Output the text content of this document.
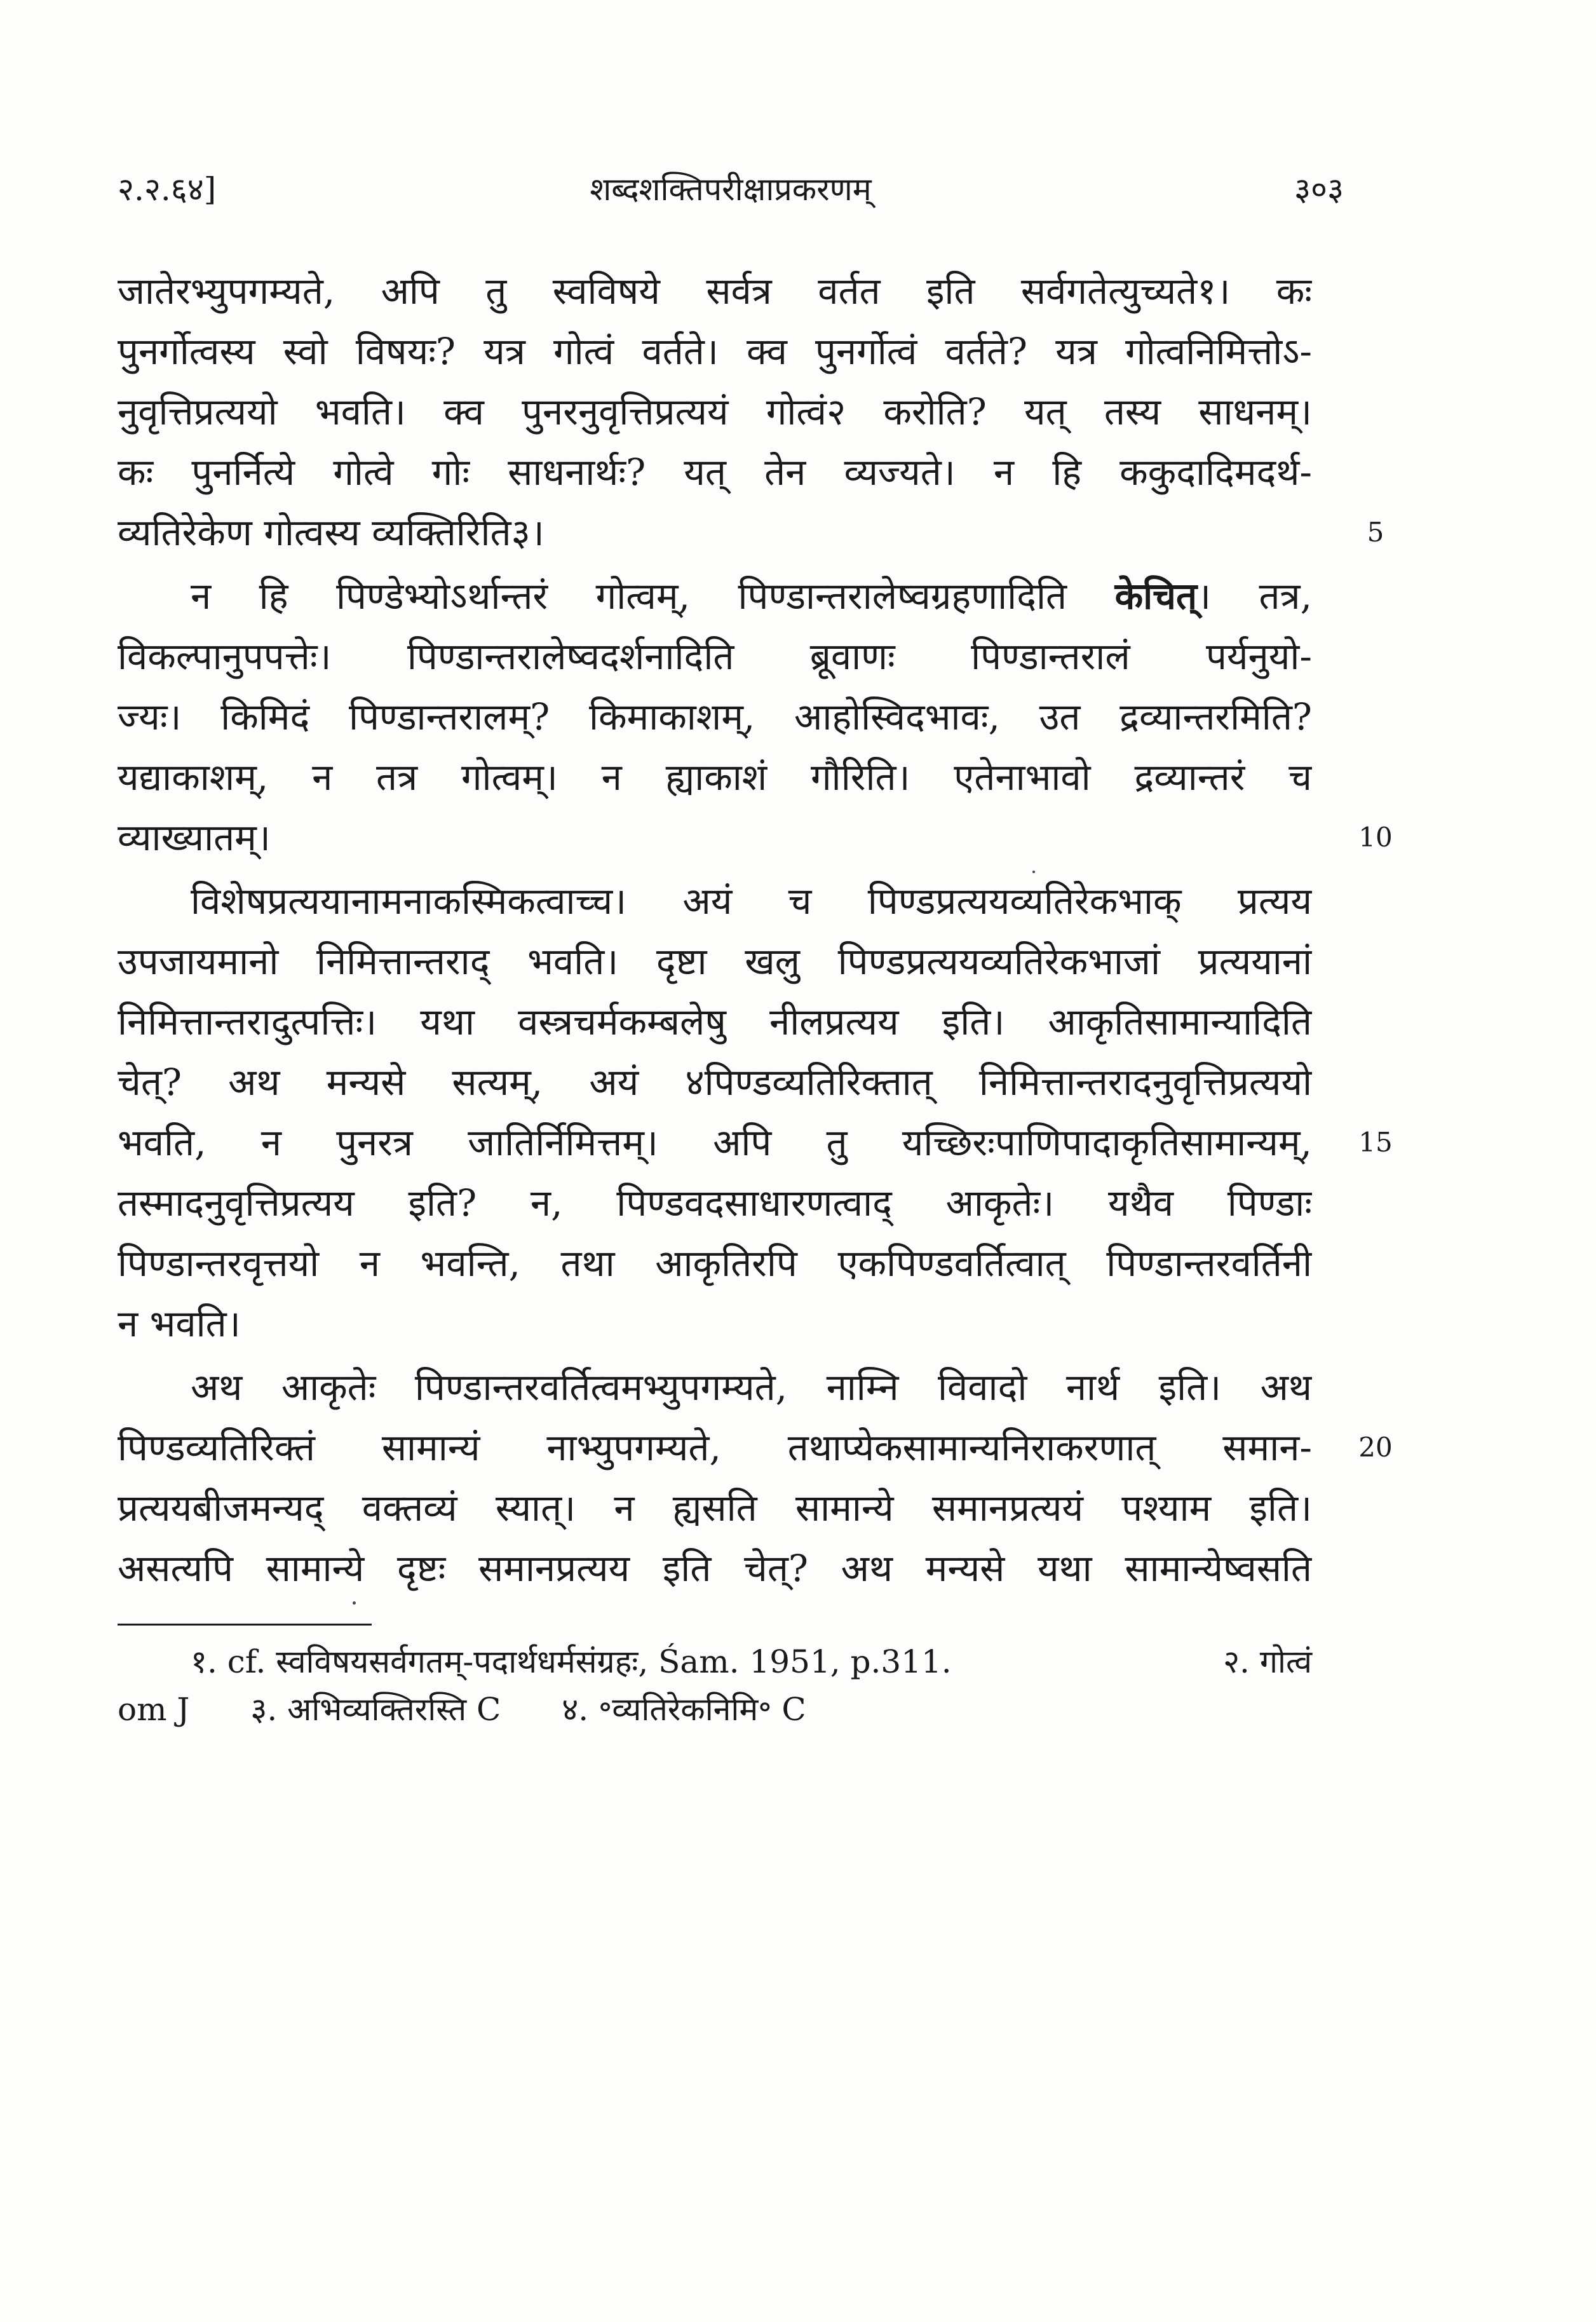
२.२.६४]	शब्दशक्तिपरीक्षाप्रकरणम्	३०३
जातेरभ्युपगम्यते, अपि तु स्वविषये सर्वत्र वर्तत इति सर्वगतेत्युच्यते१। कः
पुनर्गोत्वस्य स्वो विषयः? यत्र गोत्वं वर्तते। क्व पुनर्गोत्वं वर्तते? यत्र गोत्वनिमित्तोऽ-
नुवृत्तिप्रत्ययो भवति। क्व पुनरनुवृत्तिप्रत्ययं गोत्वं२ करोति? यत् तस्य साधनम्।
कः पुनर्नित्ये गोत्वे गोः साधनार्थः? यत् तेन व्यज्यते। न हि ककुदादिमदर्थ-
व्यतिरेकेण गोत्वस्य व्यक्तिरिति३।	5
न हि पिण्डेभ्योऽर्थान्तरं गोत्वम्, पिण्डान्तरालेष्वग्रहणादिति केचित्। तत्र,
विकल्पानुपपत्तेः। पिण्डान्तरालेष्वदर्शनादिति ब्रूवाणः पिण्डान्तरालं पर्यनुयो-
ज्यः। किमिदं पिण्डान्तरालम्? किमाकाशम्, आहोस्विदभावः, उत द्रव्यान्तरमिति?
यद्याकाशम्, न तत्र गोत्वम्। न ह्याकाशं गौरिति। एतेनाभावो द्रव्यान्तरं च
व्याख्यातम्।	10
विशेषप्रत्ययानामनाकस्मिकत्वाच्च। अयं च पिण्डप्रत्ययव्यतिरेकभाक् प्रत्यय
उपजायमानो निमित्तान्तराद् भवति। दृष्टा खलु पिण्डप्रत्ययव्यतिरेकभाजां प्रत्ययानां
निमित्तान्तरादुत्पत्तिः। यथा वस्त्रचर्मकम्बलेषु नीलप्रत्यय इति। आकृतिसामान्यादिति
चेत्? अथ मन्यसे सत्यम्, अयं ४पिण्डव्यतिरिक्तात् निमित्तान्तरादनुवृत्तिप्रत्ययो
भवति, न पुनरत्र जातिर्निमित्तम्। अपि तु यच्छिरःपाणिपादाकृतिसामान्यम्,	15
तस्मादनुवृत्तिप्रत्यय इति? न, पिण्डवदसाधारणत्वाद् आकृतेः। यथैव पिण्डाः
पिण्डान्तरवृत्तयो न भवन्ति, तथा आकृतिरपि एकपिण्डवर्तित्वात् पिण्डान्तरवर्तिनी
न भवति।
अथ आकृतेः पिण्डान्तरवर्तित्वमभ्युपगम्यते, नाम्नि विवादो नार्थ इति। अथ
पिण्डव्यतिरिक्तं सामान्यं नाभ्युपगम्यते, तथाप्येकसामान्यनिराकरणात् समान-	20
प्रत्ययबीजमन्यद् वक्तव्यं स्यात्। न ह्यसति सामान्ये समानप्रत्ययं पश्याम इति।
असत्यपि सामान्ये दृष्टः समानप्रत्यय इति चेत्? अथ मन्यसे यथा सामान्येष्वसति
१. cf. स्वविषयसर्वगतम्-पदार्थधर्मसंग्रहः, Śam. 1951, p.311.	२. गोत्वं
om J ३. अभिव्यक्तिरस्ति C ४. ॰व्यतिरेकनिमि॰ C
